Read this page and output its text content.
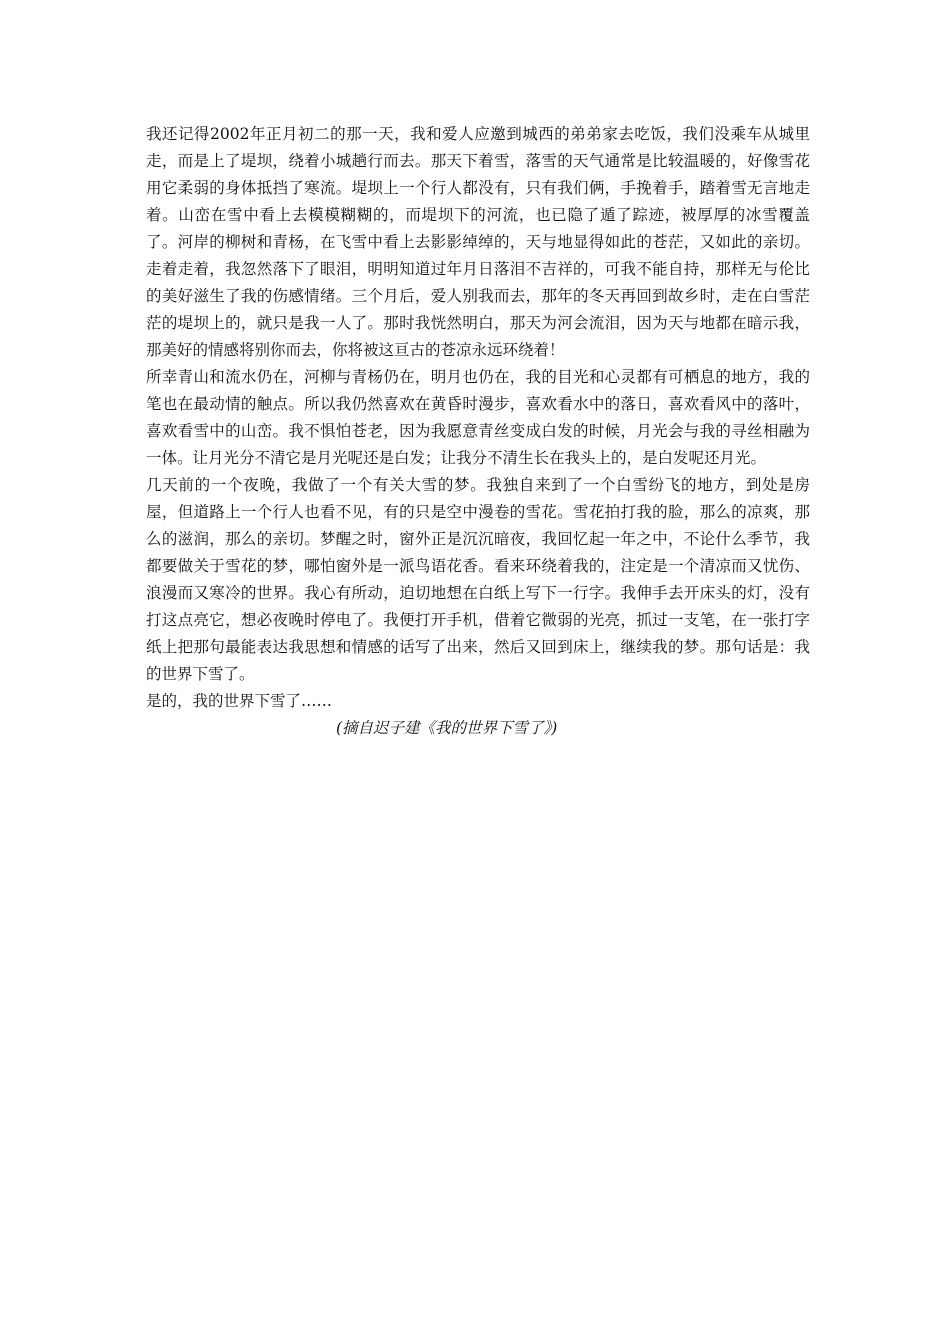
我还记得2002年正月初二的那一天，我和爱人应邀到城西的弟弟家去吃饭，我们没乘车从城里走，而是上了堤坝，绕着小城趟行而去。那天下着雪，落雪的天气通常是比较温暖的，好像雪花用它柔弱的身体抵挡了寒流。堤坝上一个行人都没有，只有我们俩，手挽着手，踏着雪无言地走着。山峦在雪中看上去模模糊糊的，而堤坝下的河流，也已隐了遁了踪迹，被厚厚的冰雪覆盖了。河岸的柳树和青杨，在飞雪中看上去影影绰绰的，天与地显得如此的苍茫，又如此的亲切。走着走着，我忽然落下了眼泪，明明知道过年月日落泪不吉祥的，可我不能自持，那样无与伦比的美好滋生了我的伤感情绪。三个月后，爱人别我而去，那年的冬天再回到故乡时，走在白雪茫茫的堤坝上的，就只是我一人了。那时我恍然明白，那天为河会流泪，因为天与地都在暗示我，那美好的情感将别你而去，你将被这亘古的苍凉永远环绕着！

所幸青山和流水仍在，河柳与青杨仍在，明月也仍在，我的目光和心灵都有可栖息的地方，我的笔也在最动情的触点。所以我仍然喜欢在黄昏时漫步，喜欢看水中的落日，喜欢看风中的落叶，喜欢看雪中的山峦。我不惧怕苍老，因为我愿意青丝变成白发的时候，月光会与我的寻丝相融为一体。让月光分不清它是月光呢还是白发；让我分不清生长在我头上的，是白发呢还月光。

几天前的一个夜晚，我做了一个有关大雪的梦。我独自来到了一个白雪纷飞的地方，到处是房屋，但道路上一个行人也看不见，有的只是空中漫卷的雪花。雪花拍打我的脸，那么的凉爽，那么的滋润，那么的亲切。梦醒之时，窗外正是沉沉暗夜，我回忆起一年之中，不论什么季节，我都要做关于雪花的梦，哪怕窗外是一派鸟语花香。看来环绕着我的，注定是一个清凉而又忧伤、浪漫而又寒冷的世界。我心有所动，迫切地想在白纸上写下一行字。我伸手去开床头的灯，没有打这点亮它，想必夜晚时停电了。我便打开手机，借着它微弱的光亮，抓过一支笔，在一张打字纸上把那句最能表达我思想和情感的话写了出来，然后又回到床上，继续我的梦。那句话是：我的世界下雪了。

是的，我的世界下雪了……

(摘自迟子建《我的世界下雪了》)
